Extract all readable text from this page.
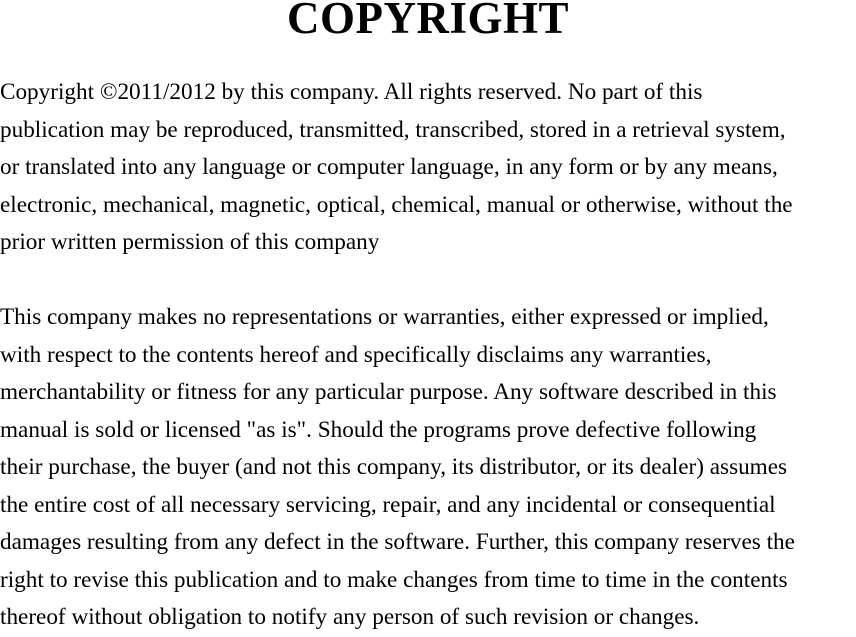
COPYRIGHT

Copyright ©2011/2012 by this company. All rights reserved. No part of this
publication may be reproduced, transmitted, transcribed, stored in a retrieval system,
or translated into any language or computer language, in any form or by any means,
electronic, mechanical, magnetic, optical, chemical, manual or otherwise, without the
prior written permission of this company

This company makes no representations or warranties, either expressed or implied,
with respect to the contents hereof and specifically disclaims any warranties,
merchantability or fitness for any particular purpose. Any software described in this
manual is sold or licensed "as is". Should the programs prove defective following
their purchase, the buyer (and not this company, its distributor, or its dealer) assumes
the entire cost of all necessary servicing, repair, and any incidental or consequential
damages resulting from any defect in the software. Further, this company reserves the
right to revise this publication and to make changes from time to time in the contents
thereof without obligation to notify any person of such revision or changes.
